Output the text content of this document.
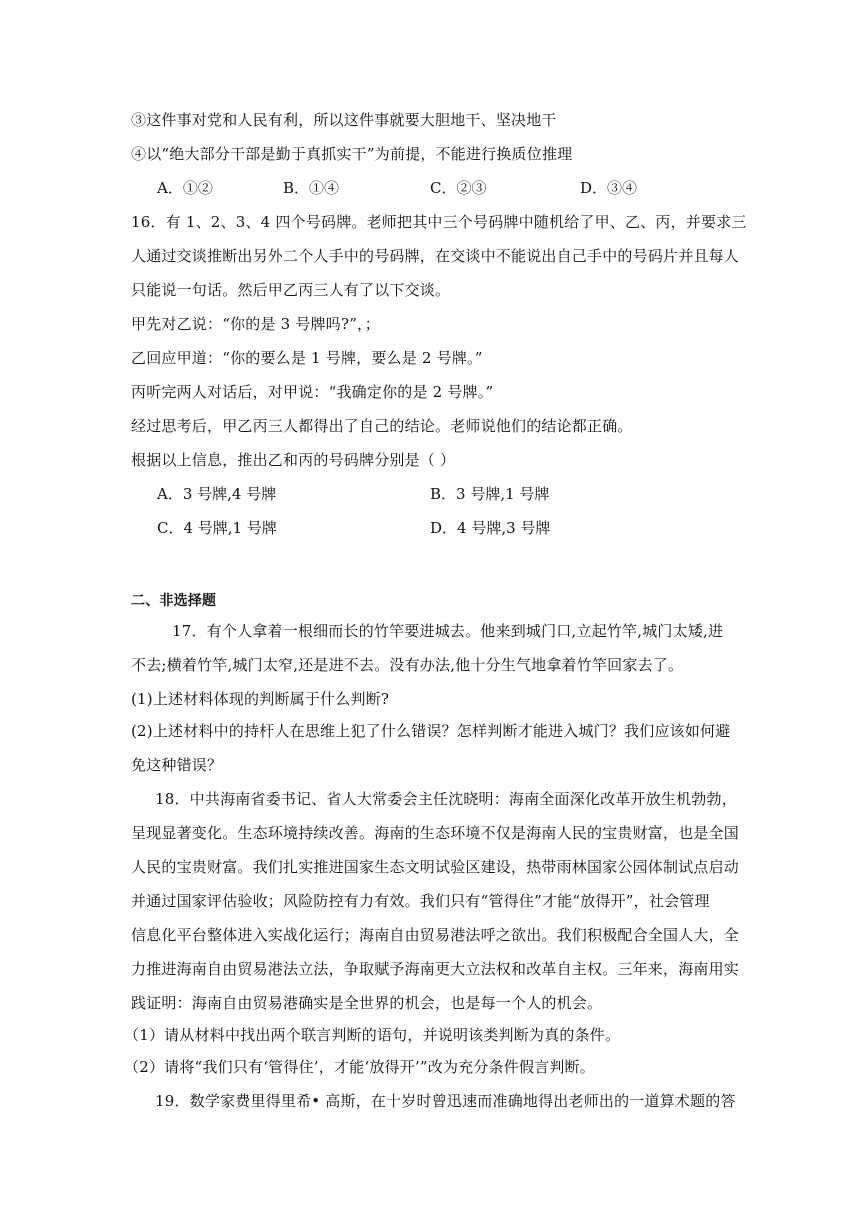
③这件事对党和人民有利，所以这件事就要大胆地干、坚决地干
④以“绝大部分干部是勤于真抓实干”为前提，不能进行换质位推理
A．①②	B．①④	C．②③	D．③④
16．有 1、2、3、4 四个号码牌。老师把其中三个号码牌中随机给了甲、乙、丙，并要求三
人通过交谈推断出另外二个人手中的号码牌，在交谈中不能说出自己手中的号码片并且每人
只能说一句话。然后甲乙丙三人有了以下交谈。
甲先对乙说：“你的是 3 号牌吗?”，；
乙回应甲道：“你的要么是 1 号牌，要么是 2 号牌。”
丙听完两人对话后，对甲说：“我确定你的是 2 号牌。”
经过思考后，甲乙丙三人都得出了自己的结论。老师说他们的结论都正确。
根据以上信息，推出乙和丙的号码牌分别是（ ）
A．3 号牌,4 号牌	B．3 号牌,1 号牌
C．4 号牌,1 号牌	D．4 号牌,3 号牌
二、非选择题
17．有个人拿着一根细而长的竹竿要进城去。他来到城门口,立起竹竿,城门太矮,进
不去;横着竹竿,城门太窄,还是进不去。没有办法,他十分生气地拿着竹竿回家去了。
(1)上述材料体现的判断属于什么判断?
(2)上述材料中的持杆人在思维上犯了什么错误？怎样判断才能进入城门？我们应该如何避
免这种错误？
18．中共海南省委书记、省人大常委会主任沈晓明：海南全面深化改革开放生机勃勃，
呈现显著变化。生态环境持续改善。海南的生态环境不仅是海南人民的宝贵财富，也是全国
人民的宝贵财富。我们扎实推进国家生态文明试验区建设，热带雨林国家公园体制试点启动
并通过国家评估验收；风险防控有力有效。我们只有“管得住”才能“放得开”，社会管理
信息化平台整体进入实战化运行；海南自由贸易港法呼之欲出。我们积极配合全国人大，全
力推进海南自由贸易港法立法，争取赋予海南更大立法权和改革自主权。三年来，海南用实
践证明：海南自由贸易港确实是全世界的机会，也是每一个人的机会。
（1）请从材料中找出两个联言判断的语句，并说明该类判断为真的条件。
（2）请将“我们只有‘管得住’，才能‘放得开’”改为充分条件假言判断。
19．数学家费里得里希• 高斯，在十岁时曾迅速而准确地得出老师出的一道算术题的答
